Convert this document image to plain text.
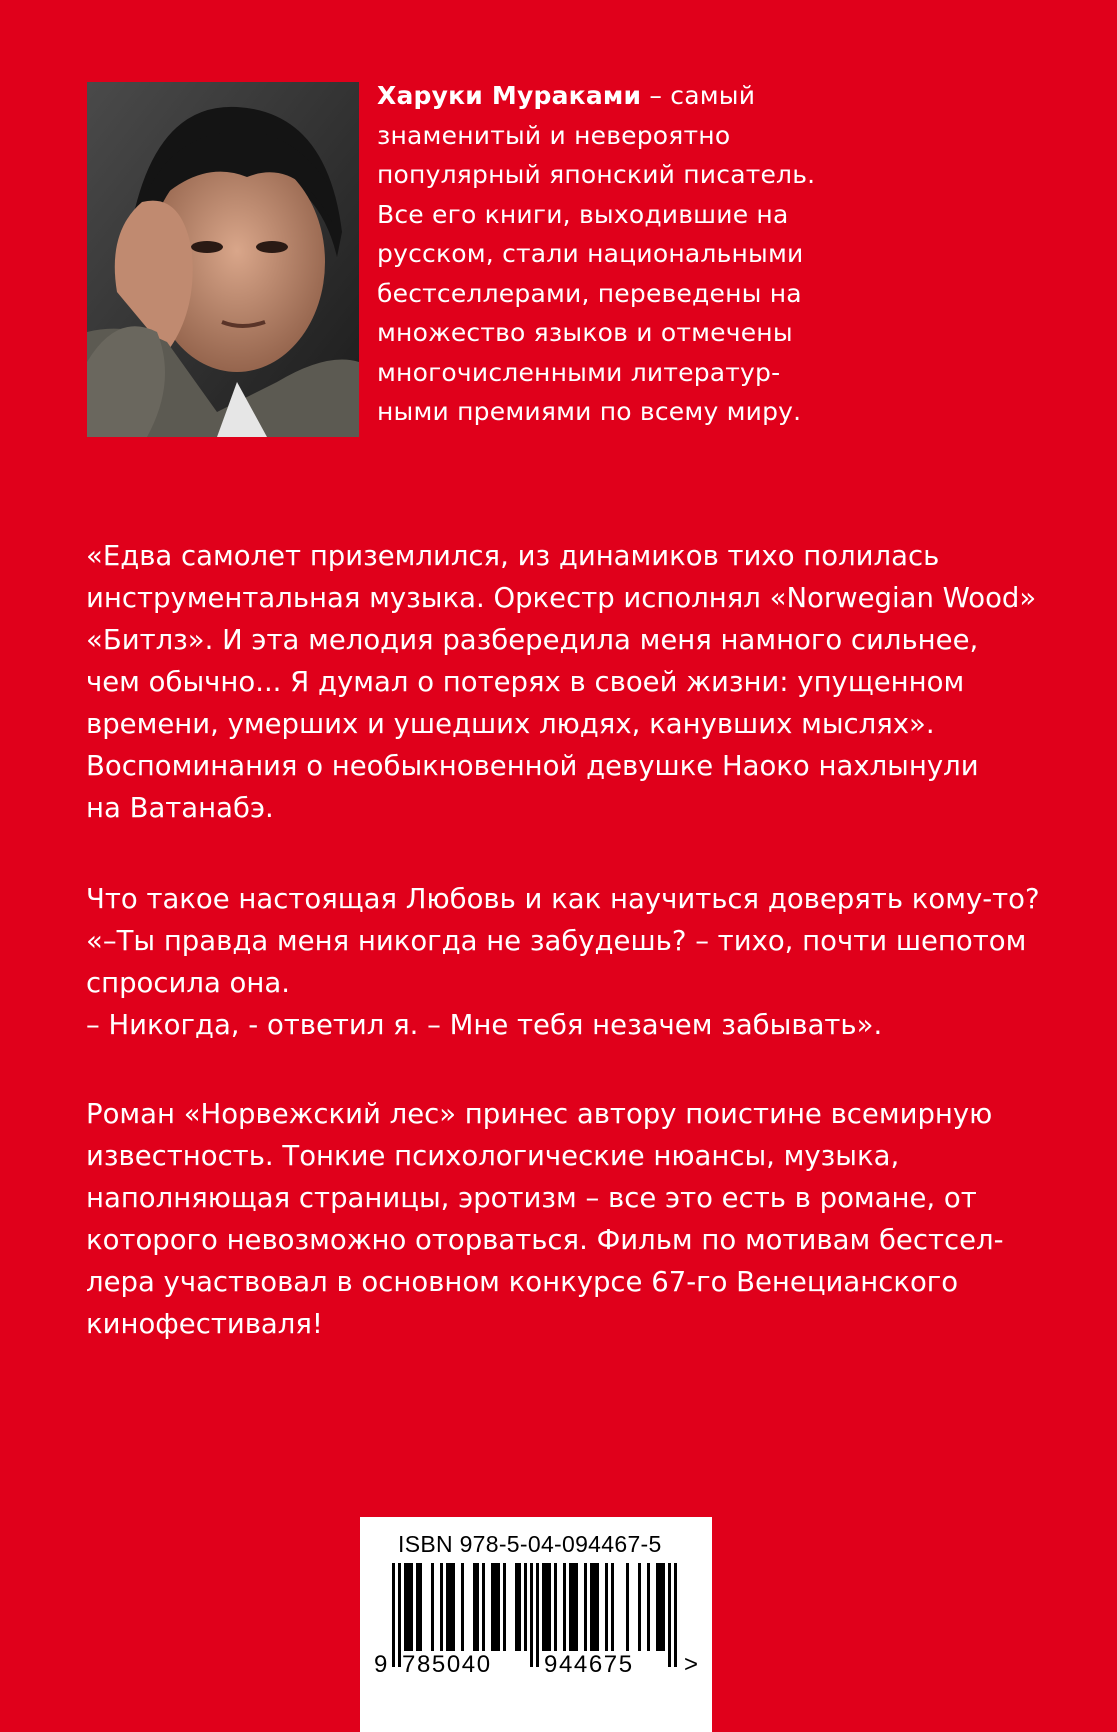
Харуки Мураками – самый
знаменитый и невероятно
популярный японский писатель.
Все его книги, выходившие на
русском, стали национальными
бестселлерами, переведены на
множество языков и отмечены
многочисленными литератур-
ными премиями по всему миру.
«Едва самолет приземлился, из динамиков тихо полилась
инструментальная музыка. Оркестр исполнял «Norwegian Wood»
«Битлз». И эта мелодия разбередила меня намного сильнее,
чем обычно... Я думал о потерях в своей жизни: упущенном
времени, умерших и ушедших людях, канувших мыслях».
Воспоминания о необыкновенной девушке Наоко нахлынули
на Ватанабэ.
Что такое настоящая Любовь и как научиться доверять кому-то?
«–Ты правда меня никогда не забудешь? – тихо, почти шепотом
спросила она.
– Никогда, - ответил я. – Мне тебя незачем забывать».
Роман «Норвежский лес» принес автору поистине всемирную
известность. Тонкие психологические нюансы, музыка,
наполняющая страницы, эротизм – все это есть в романе, от
которого невозможно оторваться. Фильм по мотивам бестсел-
лера участвовал в основном конкурсе 67-го Венецианского
кинофестиваля!
ISBN 978-5-04-094467-5
9 785040 944675 >
